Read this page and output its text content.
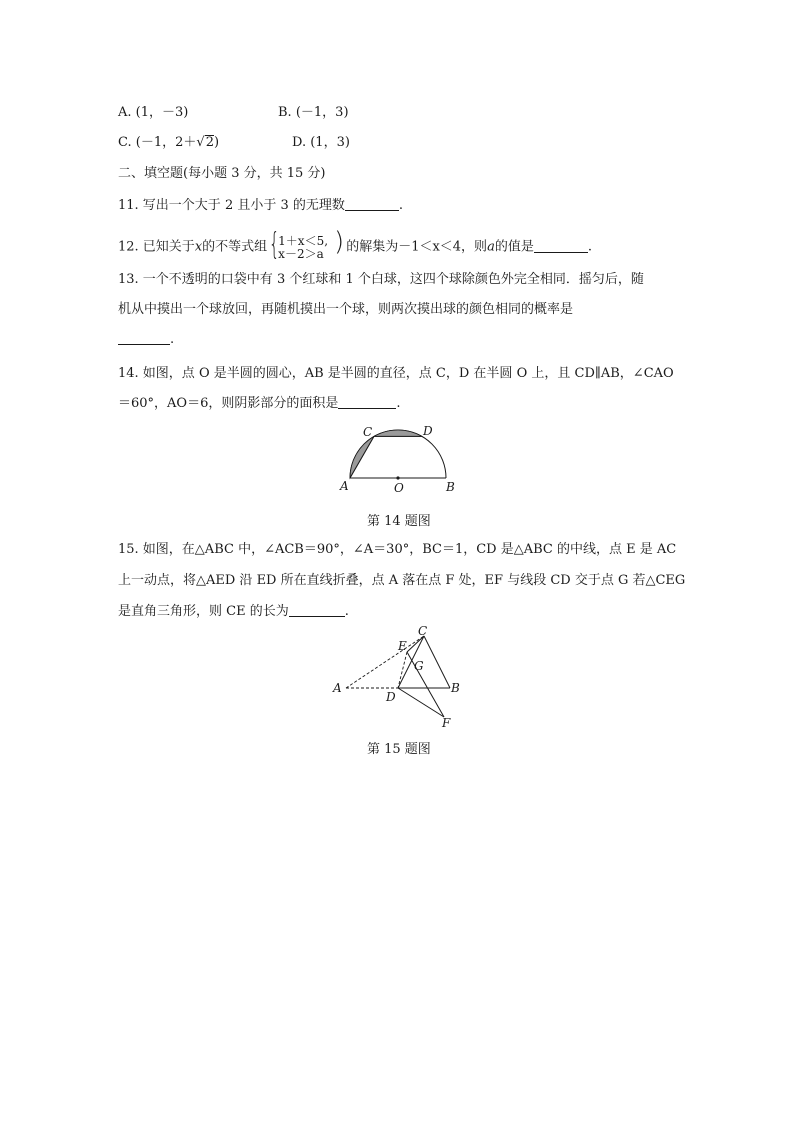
A. (1，－3)	B. (－1，3)
C. (－1，2＋√2)	D. (1，3)
二、填空题(每小题 3 分，共 15 分)
11. 写出一个大于 2 且小于 3 的无理数	.
12. 已知关于x的不等式组 {
1＋x＜5,
x－2＞a ) 的解集为－1＜x＜4，则a的值是	.
13. 一个不透明的口袋中有 3 个红球和 1 个白球，这四个球除颜色外完全相同．摇匀后，随
机从中摸出一个球放回，再随机摸出一个球，则两次摸出球的颜色相同的概率是
.
14. 如图，点 O 是半圆的圆心，AB 是半圆的直径，点 C，D 在半圆 O 上，且 CD∥AB，∠CAO
＝60°，AO＝6，则阴影部分的面积是	.
A	O	B
C	D
第 14 题图
15. 如图，在△ABC 中，∠ACB＝90°，∠A＝30°，BC＝1，CD 是△ABC 的中线，点 E 是 AC
上一动点，将△AED 沿 ED 所在直线折叠，点 A 落在点 F 处，EF 与线段 CD 交于点 G 若△CEG
是直角三角形，则 CE 的长为	.
A	B
C
D
E
F
G
第 15 题图
